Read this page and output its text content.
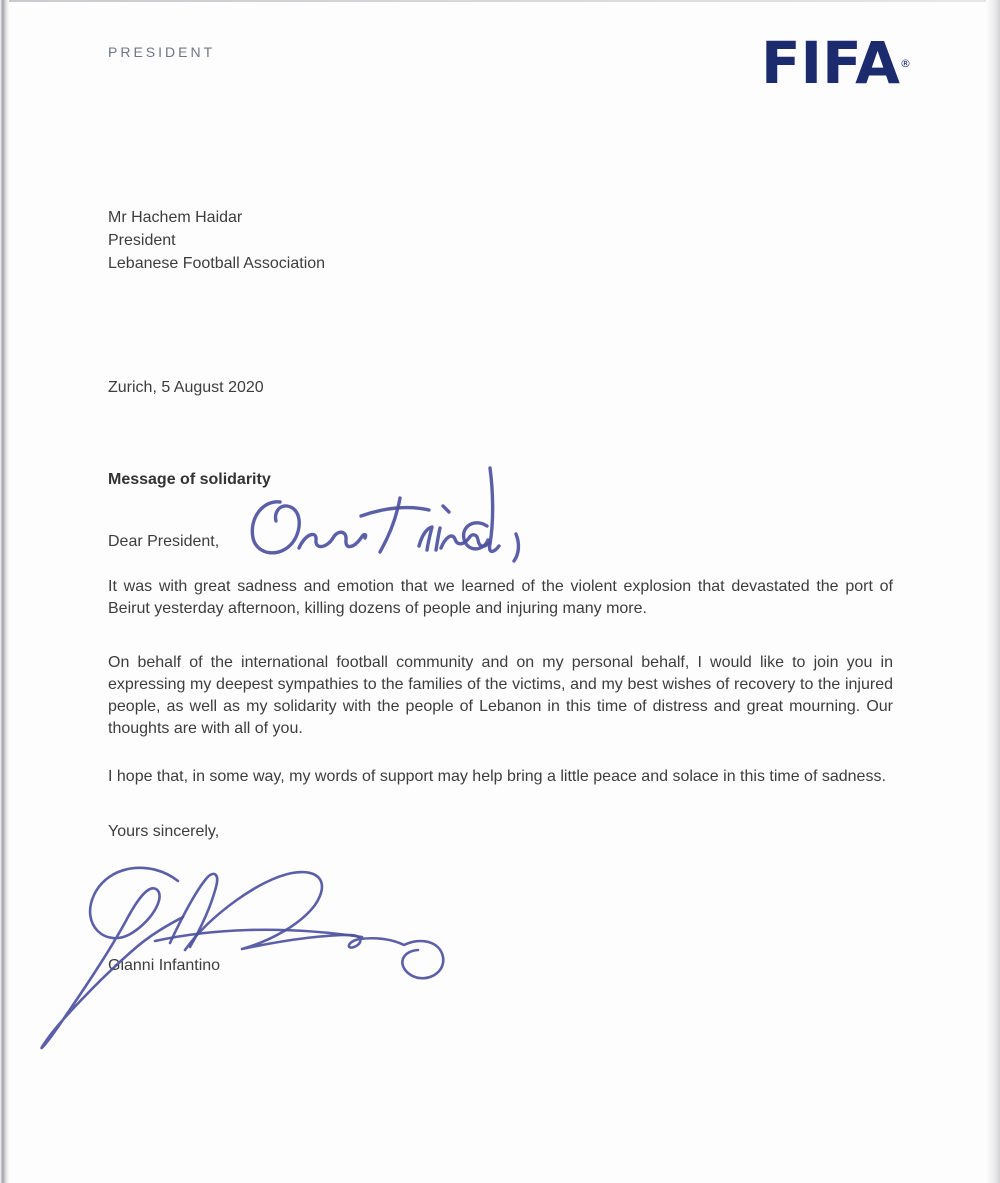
PRESIDENT	FIFA ®
Mr Hachem Haidar
President
Lebanese Football Association
Zurich, 5 August 2020
Message of solidarity
Dear President,

It was with great sadness and emotion that we learned of the violent explosion that devastated the port of Beirut yesterday afternoon, killing dozens of people and injuring many more.

On behalf of the international football community and on my personal behalf, I would like to join you in expressing my deepest sympathies to the families of the victims, and my best wishes of recovery to the injured people, as well as my solidarity with the people of Lebanon in this time of distress and great mourning. Our thoughts are with all of you.

I hope that, in some way, my words of support may help bring a little peace and solace in this time of sadness.

Yours sincerely,
Gianni Infantino
